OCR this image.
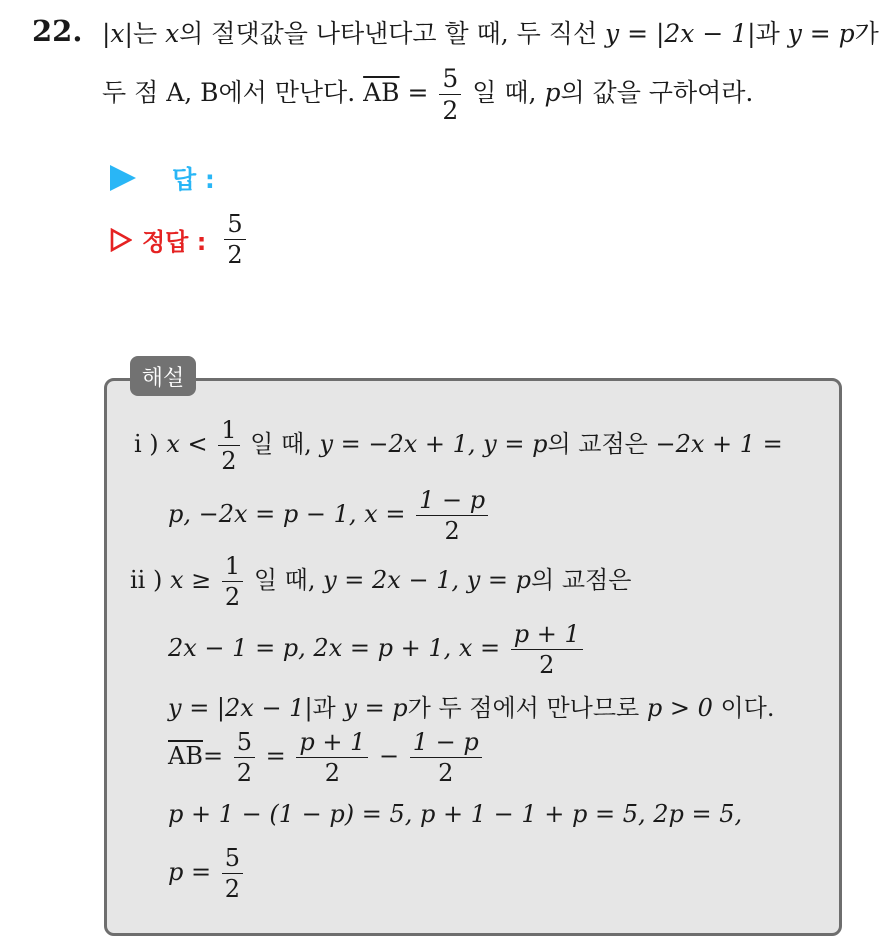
22. |x|는 x의 절댓값을 나타낸다고 할 때, 두 직선 y = |2x − 1|과 y = p가
두 점 A, B에서 만난다. $\overline{AB} = \frac{5}{2}$ 일 때, p의 값을 구하여라.
답 :
정답 : $\frac{5}{2}$
해설
i ) $x < \frac{1}{2}$ 일 때, y = −2x + 1, y = p의 교점은 −2x + 1 =
p, −2x = p − 1, $x = \frac{1 - p}{2}$
ii ) $x \ge \frac{1}{2}$ 일 때, y = 2x − 1, y = p의 교점은
2x − 1 = p, 2x = p + 1, $x = \frac{p + 1}{2}$
y = |2x − 1|과 y = p가 두 점에서 만나므로 p > 0 이다.
$\overline{AB}= \frac{5}{2} = \frac{p + 1}{2} - \frac{1 - p}{2}$
p + 1 − (1 − p) = 5, p + 1 − 1 + p = 5, 2p = 5,
$p = \frac{5}{2}$
